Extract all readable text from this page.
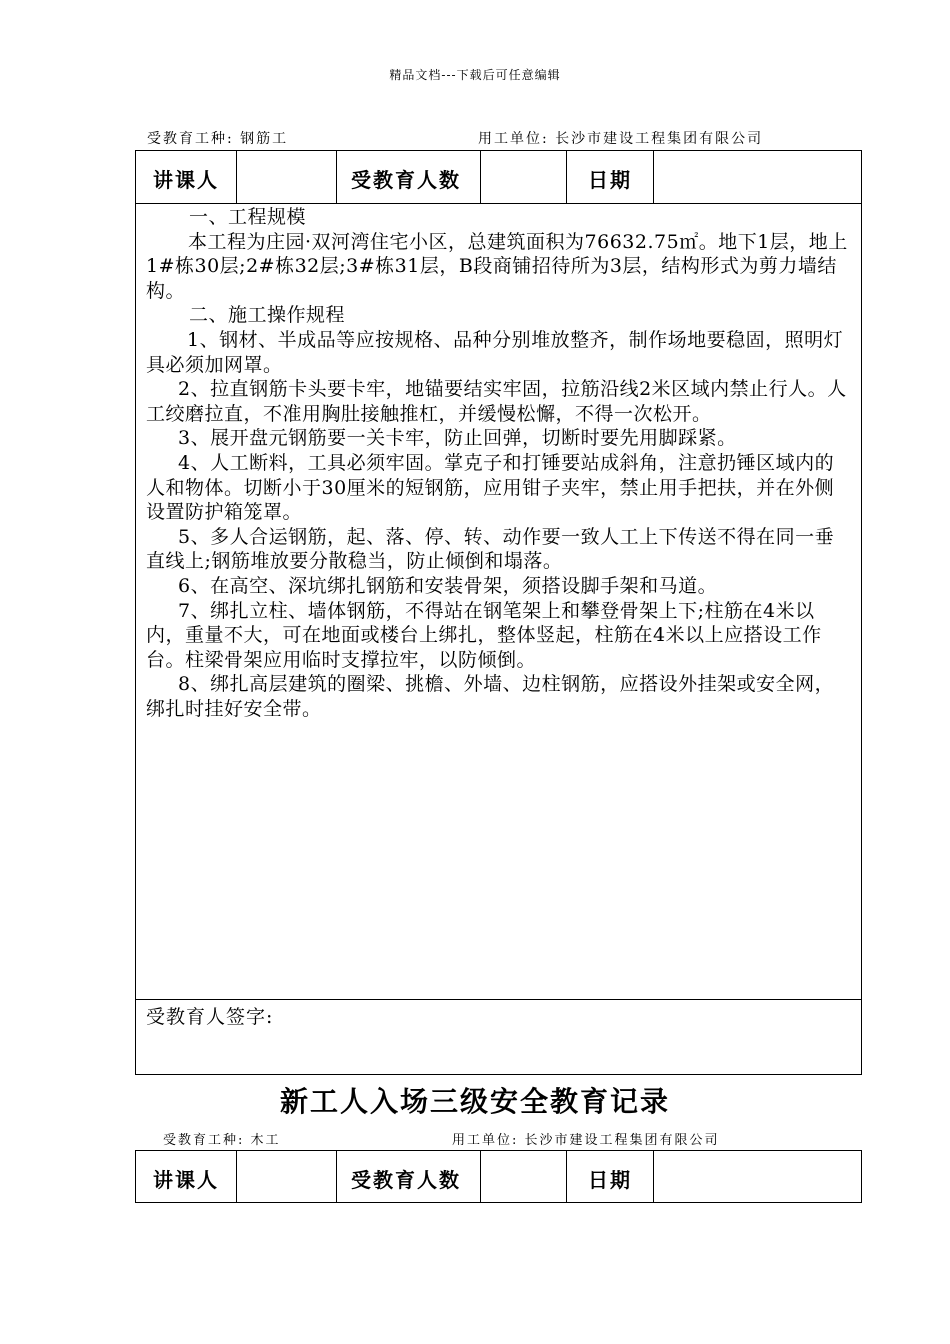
精品文档---下载后可任意编辑
受教育工种: 钢筋工	用工单位: 长沙市建设工程集团有限公司
讲课人	受教育人数	日期

一、工程规模

本工程为庄园·双河湾住宅小区，总建筑面积为76632.75㎡。地下1层，地上1#栋30层;2#栋32层;3#栋31层，B段商铺招待所为3层，结构形式为剪力墙结构。

二、施工操作规程

1、钢材、半成品等应按规格、品种分别堆放整齐，制作场地要稳固，照明灯具必须加网罩。

2、拉直钢筋卡头要卡牢，地锚要结实牢固，拉筋沿线2米区域内禁止行人。人工绞磨拉直，不准用胸肚接触推杠，并缓慢松懈，不得一次松开。

3、展开盘元钢筋要一关卡牢，防止回弹，切断时要先用脚踩紧。

4、人工断料，工具必须牢固。掌克子和打锤要站成斜角，注意扔锤区域内的人和物体。切断小于30厘米的短钢筋，应用钳子夹牢，禁止用手把扶，并在外侧设置防护箱笼罩。

5、多人合运钢筋，起、落、停、转、动作要一致人工上下传送不得在同一垂直线上;钢筋堆放要分散稳当，防止倾倒和塌落。

6、在高空、深坑绑扎钢筋和安装骨架，须搭设脚手架和马道。

7、绑扎立柱、墙体钢筋，不得站在钢笔架上和攀登骨架上下;柱筋在4米以内，重量不大，可在地面或楼台上绑扎，整体竖起，柱筋在4米以上应搭设工作台。柱梁骨架应用临时支撑拉牢，以防倾倒。

8、绑扎高层建筑的圈梁、挑檐、外墙、边柱钢筋，应搭设外挂架或安全网，绑扎时挂好安全带。

受教育人签字:
新工人入场三级安全教育记录
受教育工种: 木工	用工单位: 长沙市建设工程集团有限公司
讲课人	受教育人数	日期
